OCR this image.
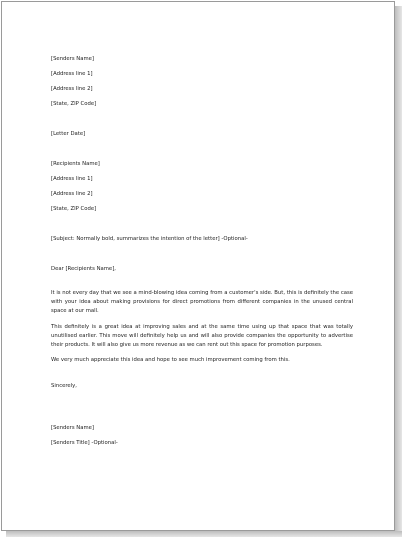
[Senders Name]
[Address line 1]
[Address line 2]
[State, ZIP Code]
[Letter Date]
[Recipients Name]
[Address line 1]
[Address line 2]
[State, ZIP Code]
[Subject: Normally bold, summarizes the intention of the letter] -Optional-
Dear [Recipients Name],
It is not every day that we see a mind-blowing idea coming from a customer's side. But, this is definitely the case with your idea about making provisions for direct promotions from different companies in the unused central space at our mall.
This definitely is a great idea at improving sales and at the same time using up that space that was totally unutilised earlier. This move will definitely help us and will also provide companies the opportunity to advertise their products. It will also give us more revenue as we can rent out this space for promotion purposes.
We very much appreciate this idea and hope to see much improvement coming from this.
Sincerely,
[Senders Name]
[Senders Title] -Optional-
